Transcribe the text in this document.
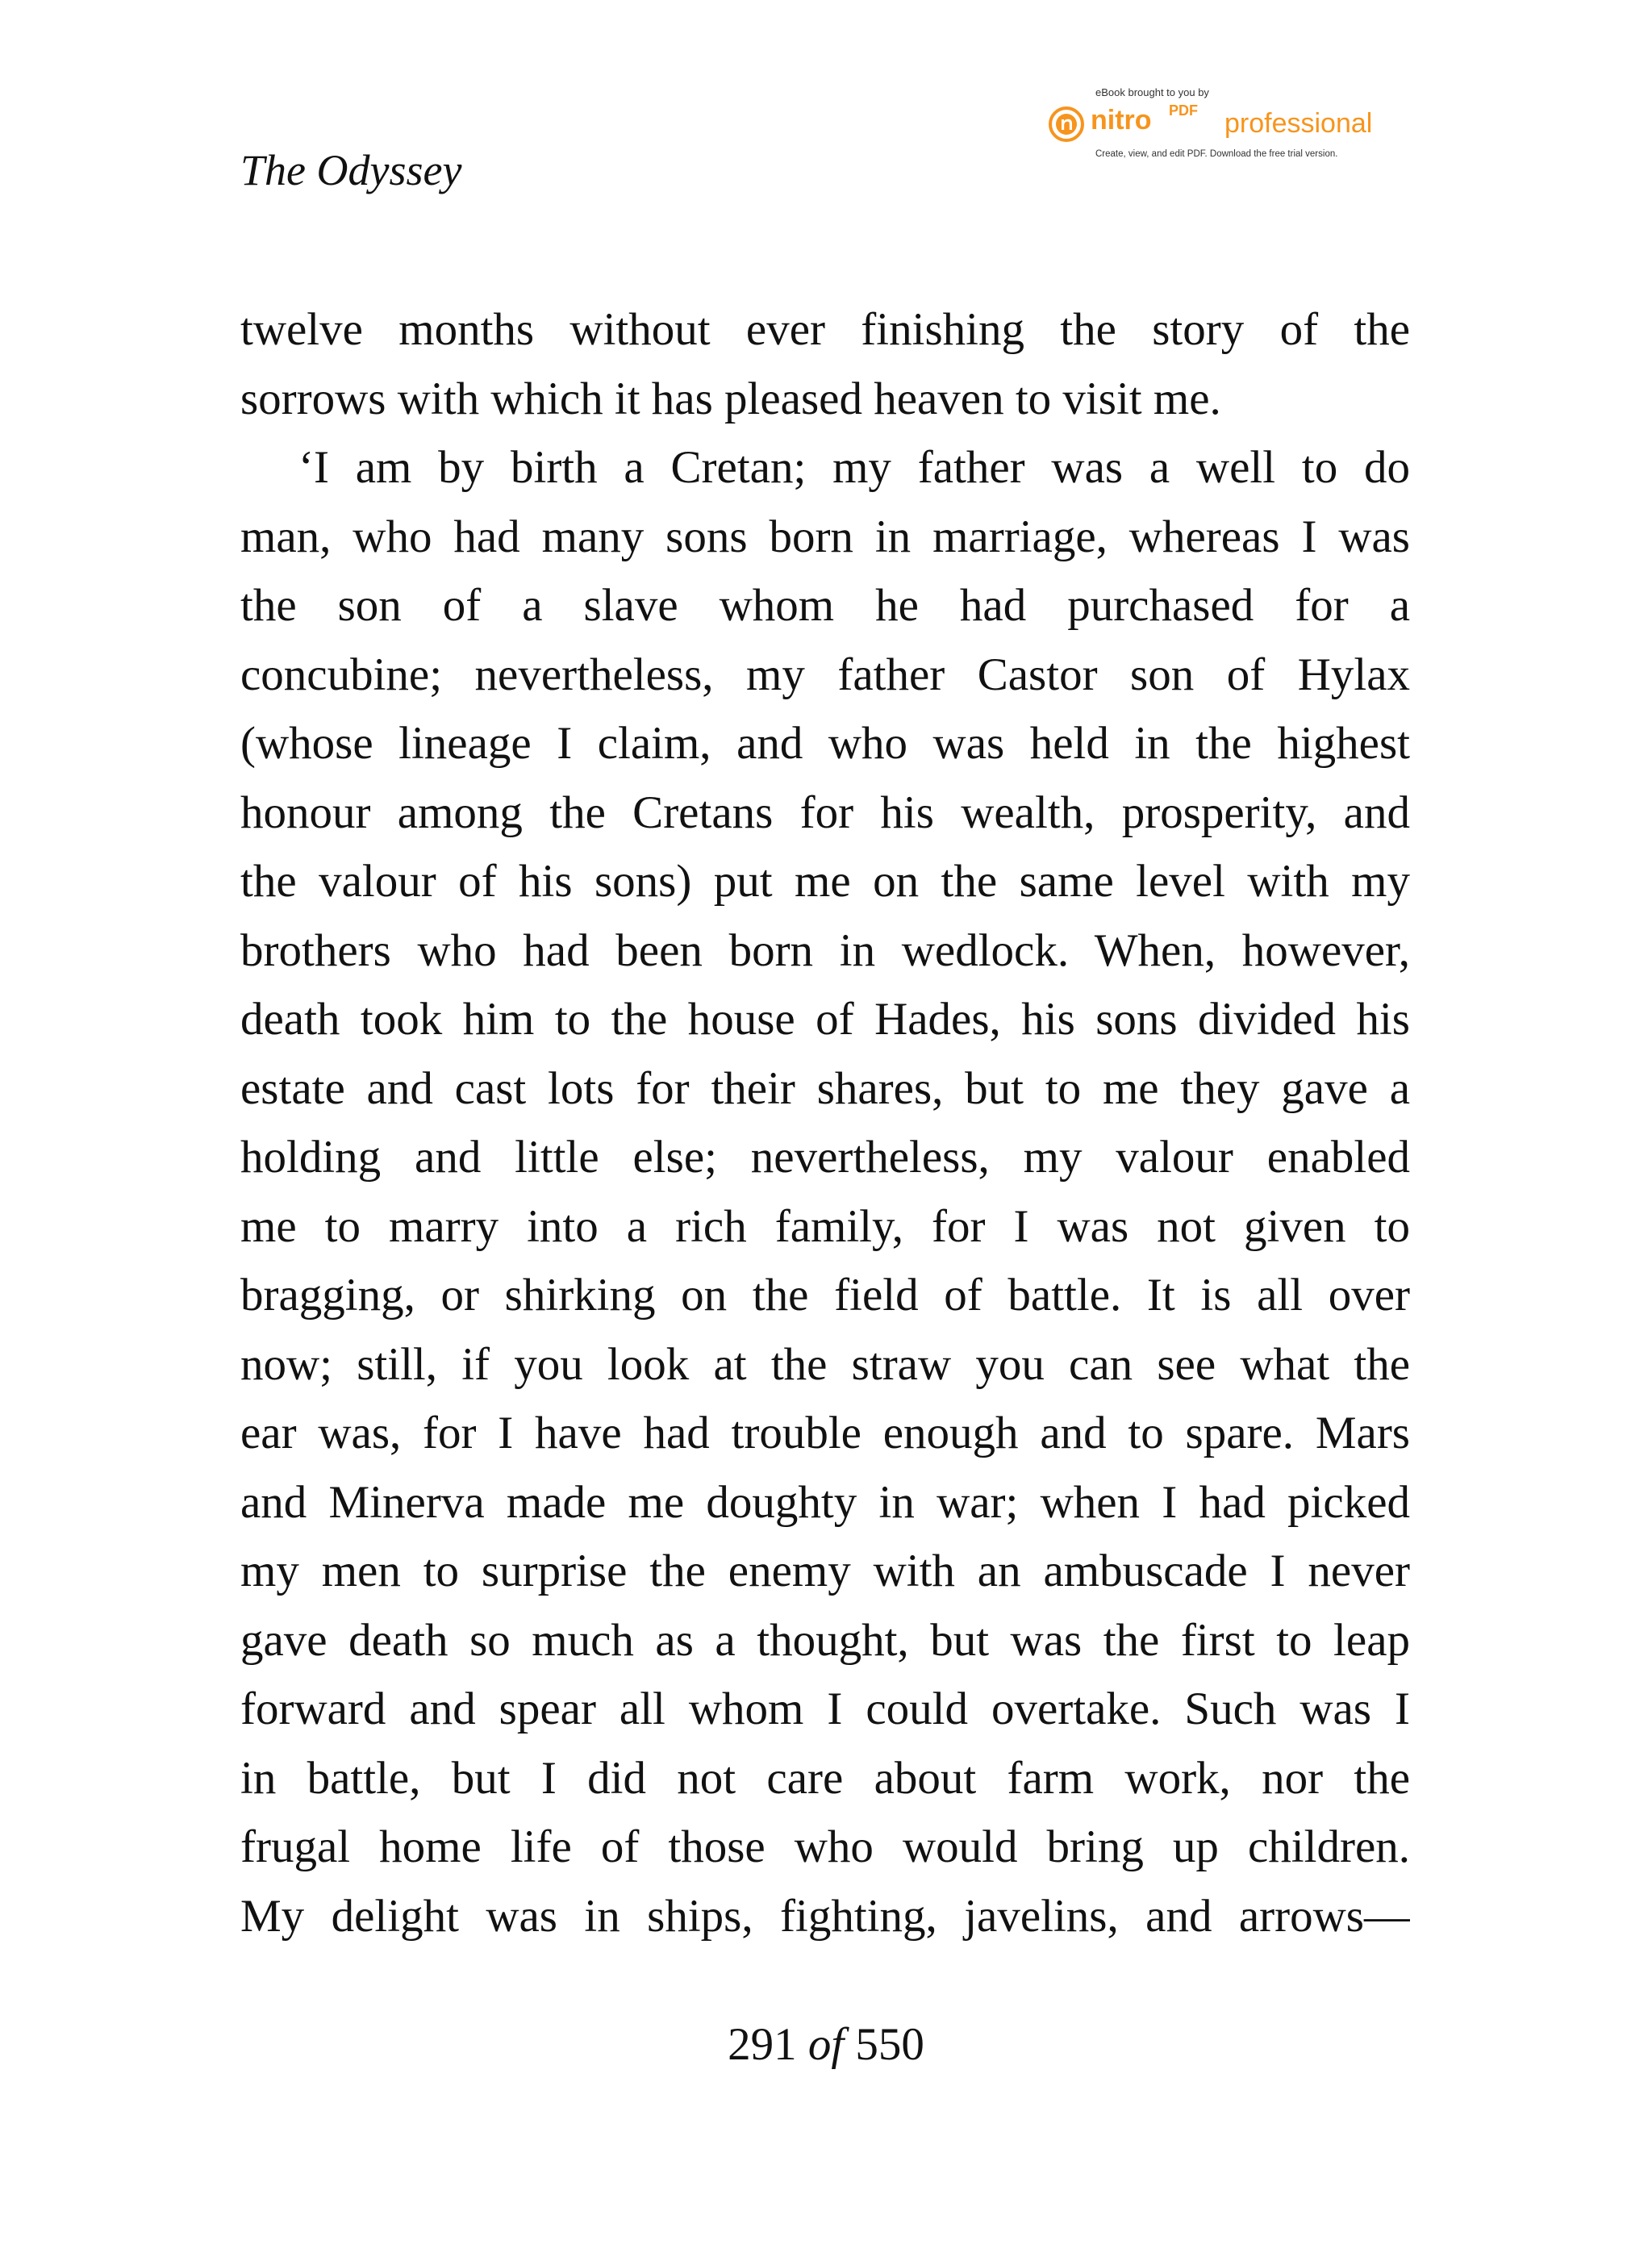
The Odyssey
eBook brought to you by
nitro PDF professional
Create, view, and edit PDF. Download the free trial version.
twelve months without ever finishing the story of the
sorrows with which it has pleased heaven to visit me.
‘I am by birth a Cretan; my father was a well to do
man, who had many sons born in marriage, whereas I was
the son of a slave whom he had purchased for a
concubine; nevertheless, my father Castor son of Hylax
(whose lineage I claim, and who was held in the highest
honour among the Cretans for his wealth, prosperity, and
the valour of his sons) put me on the same level with my
brothers who had been born in wedlock. When, however,
death took him to the house of Hades, his sons divided his
estate and cast lots for their shares, but to me they gave a
holding and little else; nevertheless, my valour enabled
me to marry into a rich family, for I was not given to
bragging, or shirking on the field of battle. It is all over
now; still, if you look at the straw you can see what the
ear was, for I have had trouble enough and to spare. Mars
and Minerva made me doughty in war; when I had picked
my men to surprise the enemy with an ambuscade I never
gave death so much as a thought, but was the first to leap
forward and spear all whom I could overtake. Such was I
in battle, but I did not care about farm work, nor the
frugal home life of those who would bring up children.
My delight was in ships, fighting, javelins, and arrows—
291 of 550
